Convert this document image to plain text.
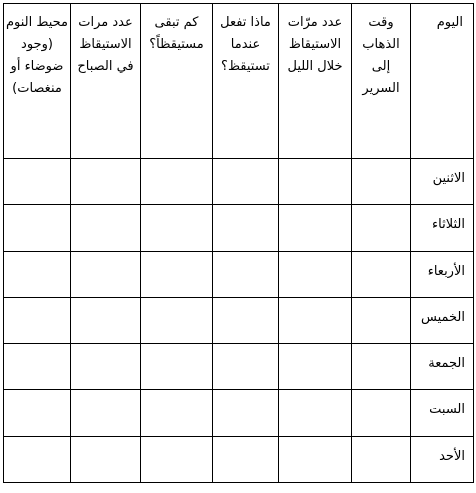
اليوم	وقت الذهاب إلى السرير	عدد مرّات الاستيقاظ خلال الليل	ماذا تفعل عندما تستيقظ؟	كم تبقى مستيقظاً؟	عدد مرات الاستيقاظ في الصباح	محيط النوم (وجود ضوضاء أو منغصات)
الاثنين						
الثلاثاء						
الأربعاء						
الخميس						
الجمعة						
السبت						
الأحد						
